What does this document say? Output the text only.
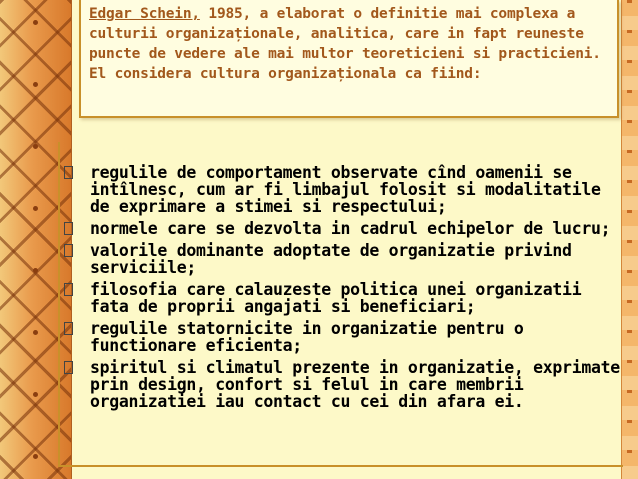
Edgar Schein, 1985, a elaborat o definitie mai complexa a culturii organizaționale, analitica, care in fapt reuneste puncte de vedere ale mai multor teoreticieni si practicieni. El considera cultura organizaționala ca fiind:

regulile de comportament observate cînd oamenii se intîlnesc, cum ar fi limbajul folosit si modalitatile de exprimare a stimei si respectului;
normele care se dezvolta in cadrul echipelor de lucru;
valorile dominante adoptate de organizatie privind serviciile;
filosofia care calauzeste politica unei organizatii fata de proprii angajati si beneficiari;
regulile statornicite in organizatie pentru o functionare eficienta;
spiritul si climatul prezente in organizatie, exprimate prin design, confort si felul in care membrii organizatiei iau contact cu cei din afara ei.
